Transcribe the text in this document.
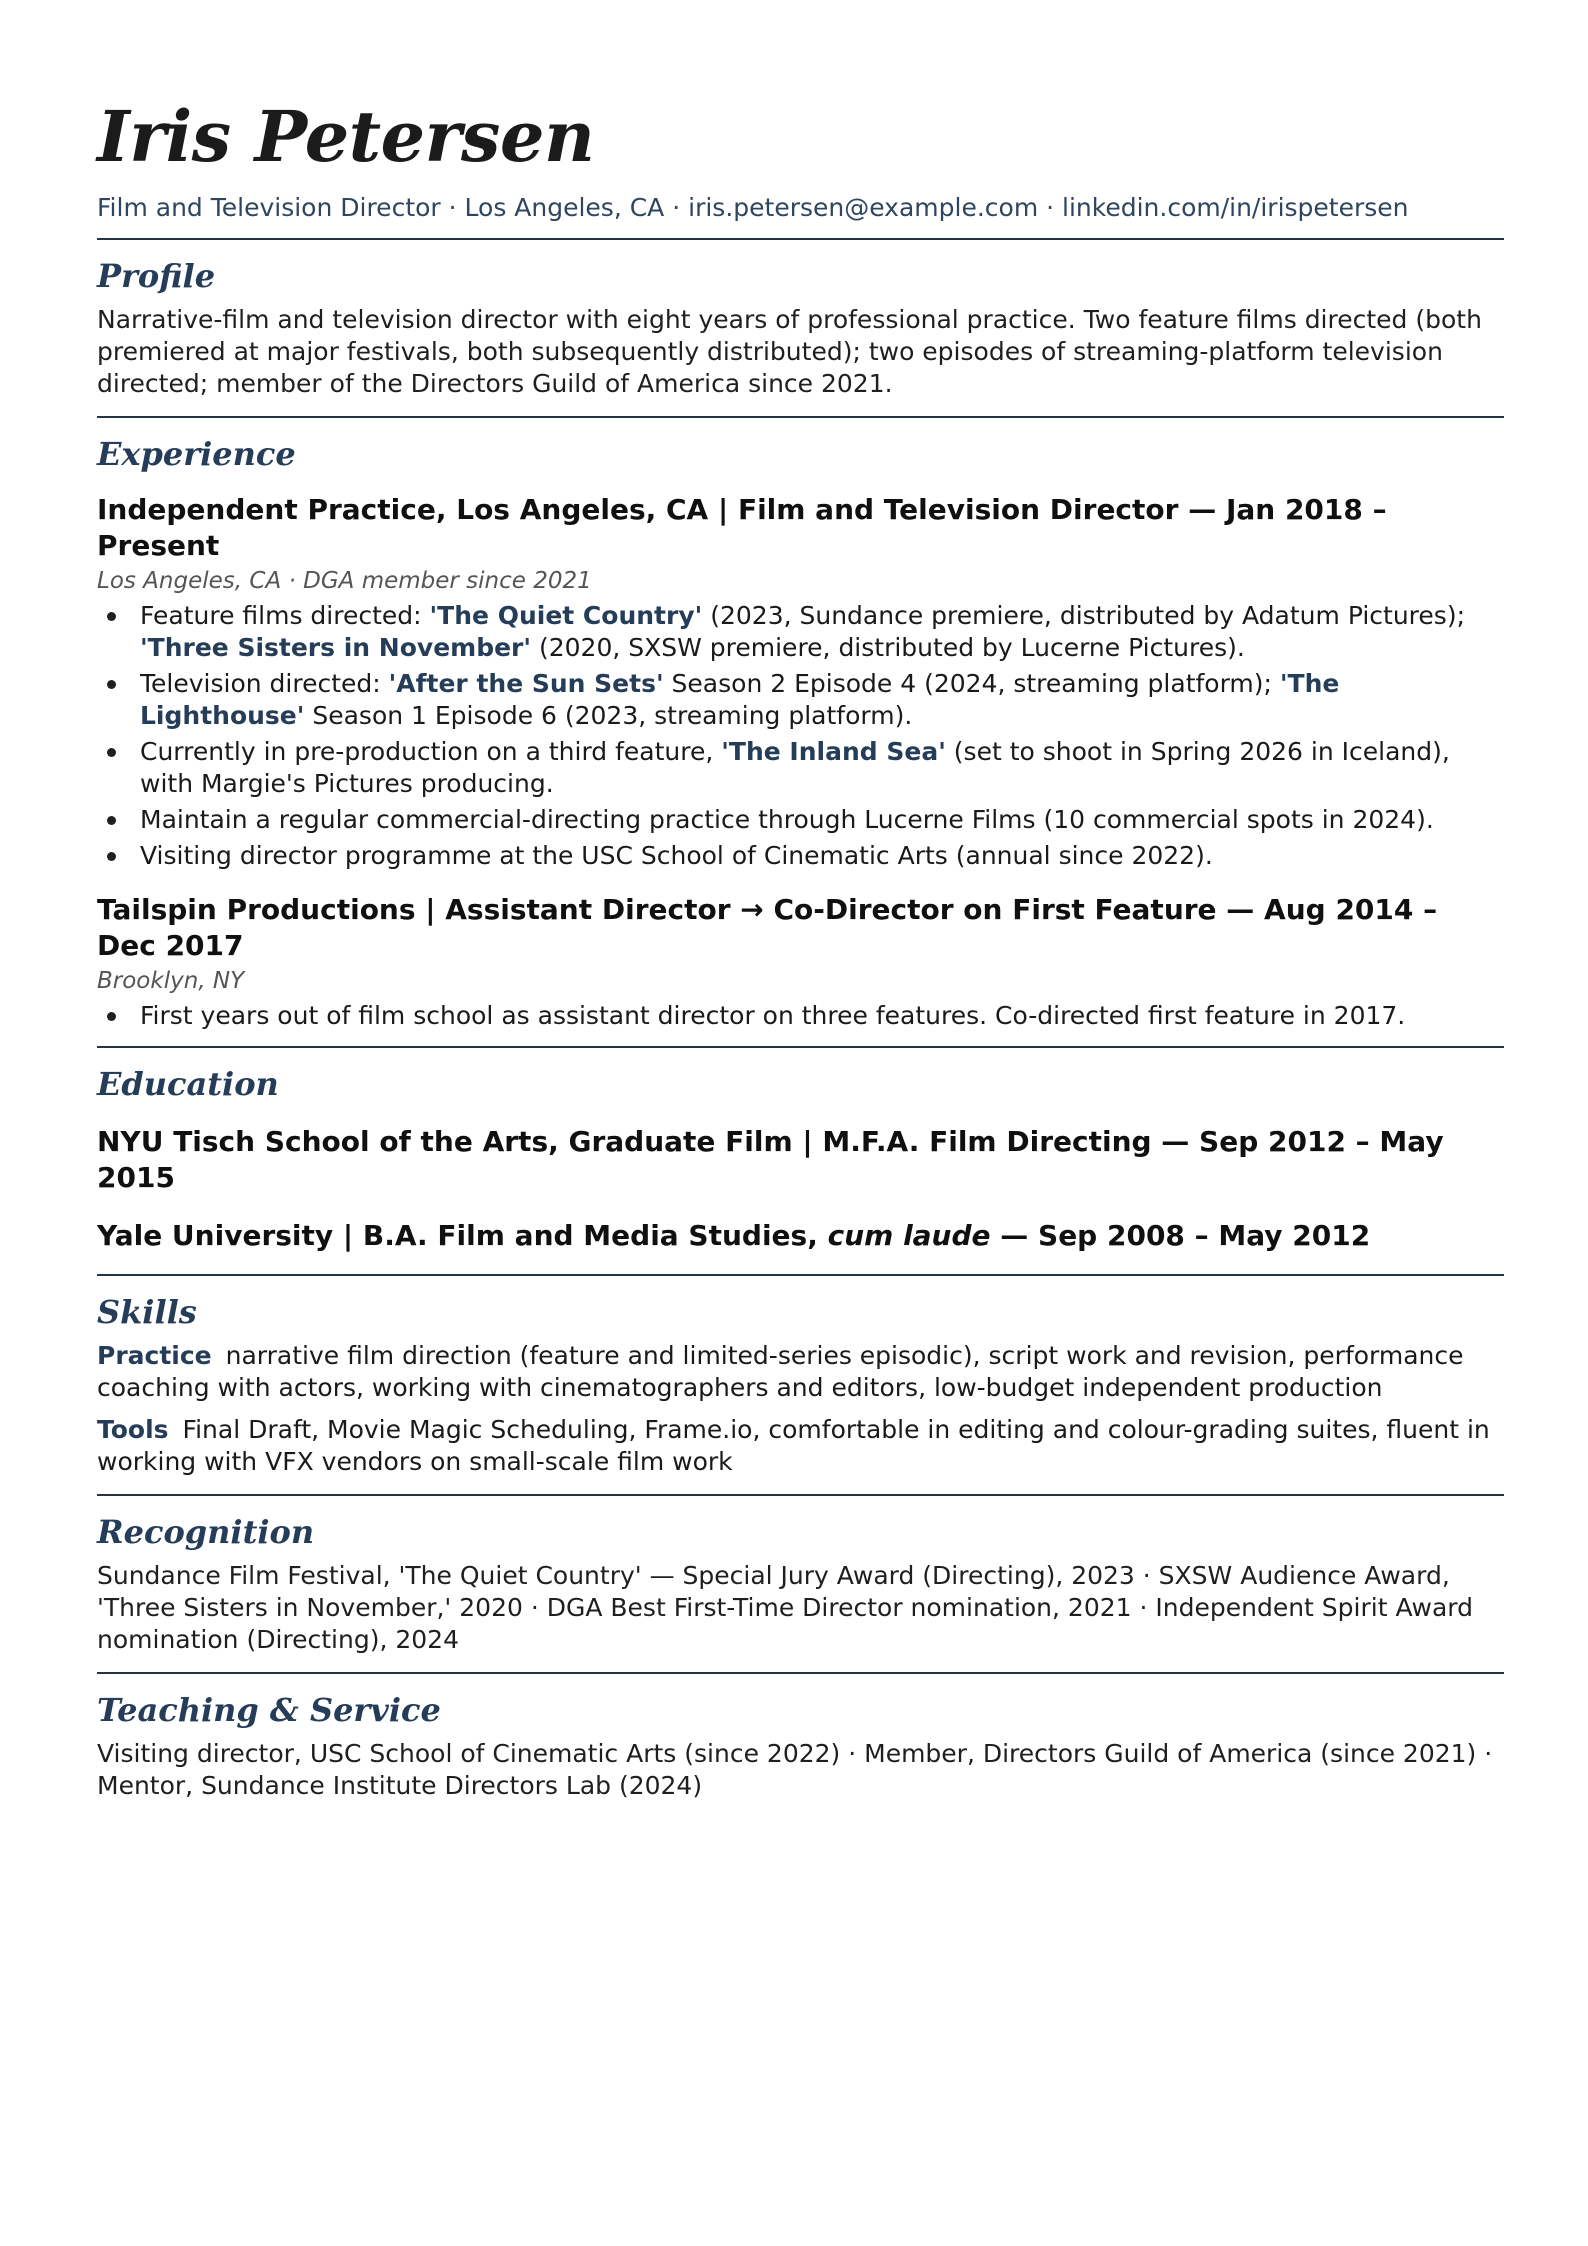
Iris Petersen
Film and Television Director · Los Angeles, CA · iris.petersen@example.com · linkedin.com/in/irispetersen
Profile
Narrative-film and television director with eight years of professional practice. Two feature films directed (both premiered at major festivals, both subsequently distributed); two episodes of streaming-platform television directed; member of the Directors Guild of America since 2021.
Experience
Independent Practice, Los Angeles, CA | Film and Television Director — Jan 2018 – Present
Los Angeles, CA · DGA member since 2021
Feature films directed: 'The Quiet Country' (2023, Sundance premiere, distributed by Adatum Pictures); 'Three Sisters in November' (2020, SXSW premiere, distributed by Lucerne Pictures).
Television directed: 'After the Sun Sets' Season 2 Episode 4 (2024, streaming platform); 'The Lighthouse' Season 1 Episode 6 (2023, streaming platform).
Currently in pre-production on a third feature, 'The Inland Sea' (set to shoot in Spring 2026 in Iceland), with Margie's Pictures producing.
Maintain a regular commercial-directing practice through Lucerne Films (10 commercial spots in 2024).
Visiting director programme at the USC School of Cinematic Arts (annual since 2022).
Tailspin Productions | Assistant Director → Co-Director on First Feature — Aug 2014 – Dec 2017
Brooklyn, NY
First years out of film school as assistant director on three features. Co-directed first feature in 2017.
Education
NYU Tisch School of the Arts, Graduate Film | M.F.A. Film Directing — Sep 2012 – May 2015
Yale University | B.A. Film and Media Studies, cum laude — Sep 2008 – May 2012
Skills
Practice narrative film direction (feature and limited-series episodic), script work and revision, performance coaching with actors, working with cinematographers and editors, low-budget independent production
Tools Final Draft, Movie Magic Scheduling, Frame.io, comfortable in editing and colour-grading suites, fluent in working with VFX vendors on small-scale film work
Recognition
Sundance Film Festival, 'The Quiet Country' — Special Jury Award (Directing), 2023 · SXSW Audience Award, 'Three Sisters in November,' 2020 · DGA Best First-Time Director nomination, 2021 · Independent Spirit Award nomination (Directing), 2024
Teaching & Service
Visiting director, USC School of Cinematic Arts (since 2022) · Member, Directors Guild of America (since 2021) · Mentor, Sundance Institute Directors Lab (2024)
